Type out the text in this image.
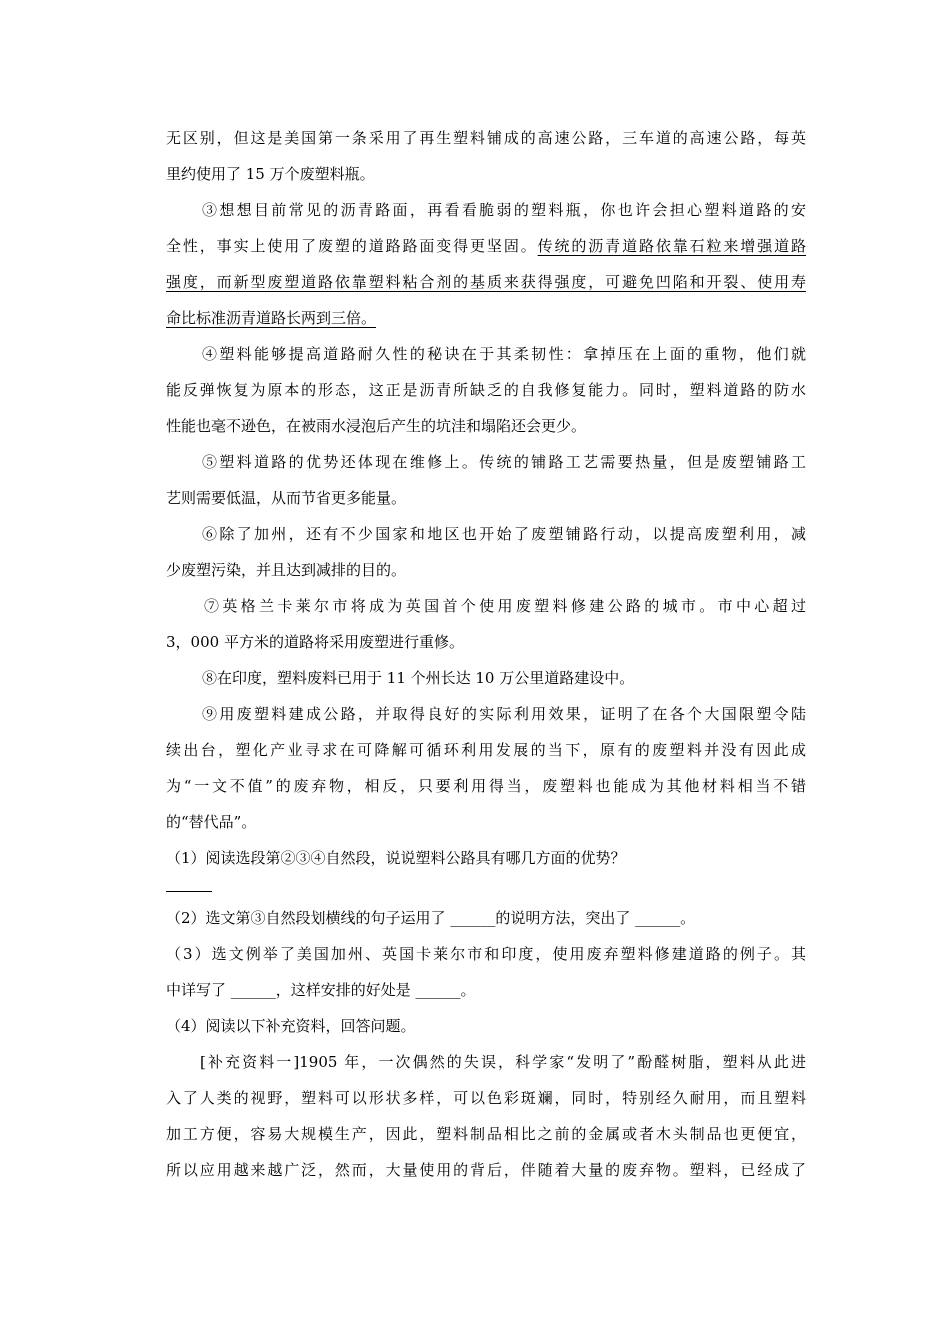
无区别，但这是美国第一条采用了再生塑料铺成的高速公路，三车道的高速公路，每英
里约使用了 15 万个废塑料瓶。
③想想目前常见的沥青路面，再看看脆弱的塑料瓶，你也许会担心塑料道路的安
全性，事实上使用了废塑的道路路面变得更坚固。传统的沥青道路依靠石粒来增强道路
强度，而新型废塑道路依靠塑料粘合剂的基质来获得强度，可避免凹陷和开裂、使用寿
命比标准沥青道路长两到三倍。
④塑料能够提高道路耐久性的秘诀在于其柔韧性：拿掉压在上面的重物，他们就
能反弹恢复为原本的形态，这正是沥青所缺乏的自我修复能力。同时，塑料道路的防水
性能也毫不逊色，在被雨水浸泡后产生的坑洼和塌陷还会更少。
⑤塑料道路的优势还体现在维修上。传统的铺路工艺需要热量，但是废塑铺路工
艺则需要低温，从而节省更多能量。
⑥除了加州，还有不少国家和地区也开始了废塑铺路行动，以提高废塑利用，减
少废塑污染，并且达到减排的目的。
⑦英格兰卡莱尔市将成为英国首个使用废塑料修建公路的城市。市中心超过
3，000 平方米的道路将采用废塑进行重修。
⑧在印度，塑料废料已用于 11 个州长达 10 万公里道路建设中。
⑨用废塑料建成公路，并取得良好的实际利用效果，证明了在各个大国限塑令陆
续出台，塑化产业寻求在可降解可循环利用发展的当下，原有的废塑料并没有因此成
为“一文不值”的废弃物，相反，只要利用得当，废塑料也能成为其他材料相当不错
的“替代品”。
（1）阅读选段第②③④自然段，说说塑料公路具有哪几方面的优势？
（2）选文第③自然段划横线的句子运用了 ______的说明方法，突出了 ______。
（3）选文例举了美国加州、英国卡莱尔市和印度，使用废弃塑料修建道路的例子。其
中详写了 ______，这样安排的好处是 ______。
（4）阅读以下补充资料，回答问题。
[补充资料一]1905 年，一次偶然的失误，科学家“发明了”酚醛树脂，塑料从此进
入了人类的视野，塑料可以形状多样，可以色彩斑斓，同时，特别经久耐用，而且塑料
加工方便，容易大规模生产，因此，塑料制品相比之前的金属或者木头制品也更便宜，
所以应用越来越广泛，然而，大量使用的背后，伴随着大量的废弃物。塑料，已经成了
